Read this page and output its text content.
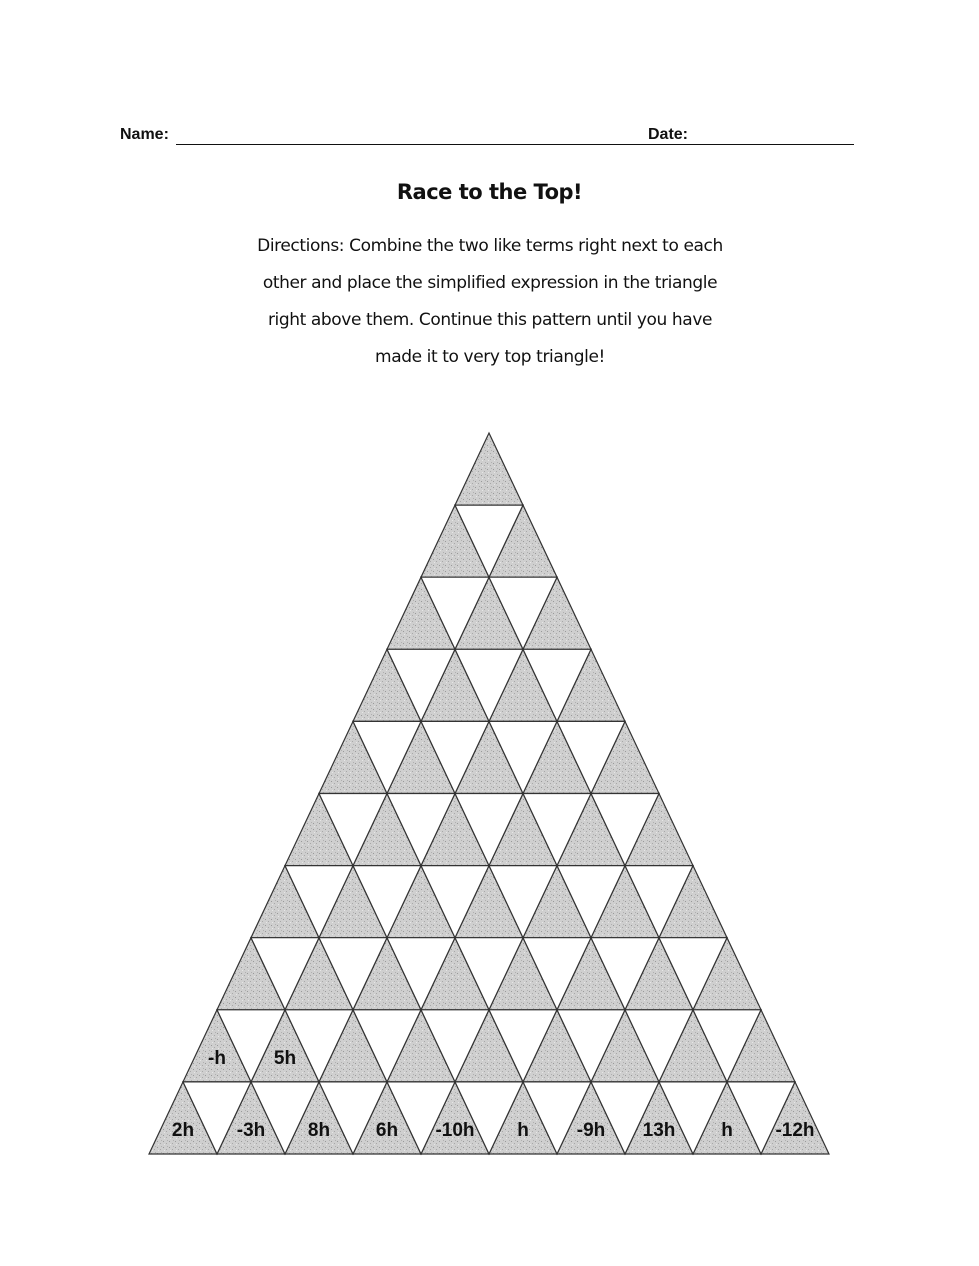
Name:	Date:
Race to the Top!
Directions: Combine the two like terms right next to each
other and place the simplified expression in the triangle
right above them. Continue this pattern until you have
made it to very top triangle!
2h -3h 8h 6h -10h h	-9h 13h h -12h
-h	5h
